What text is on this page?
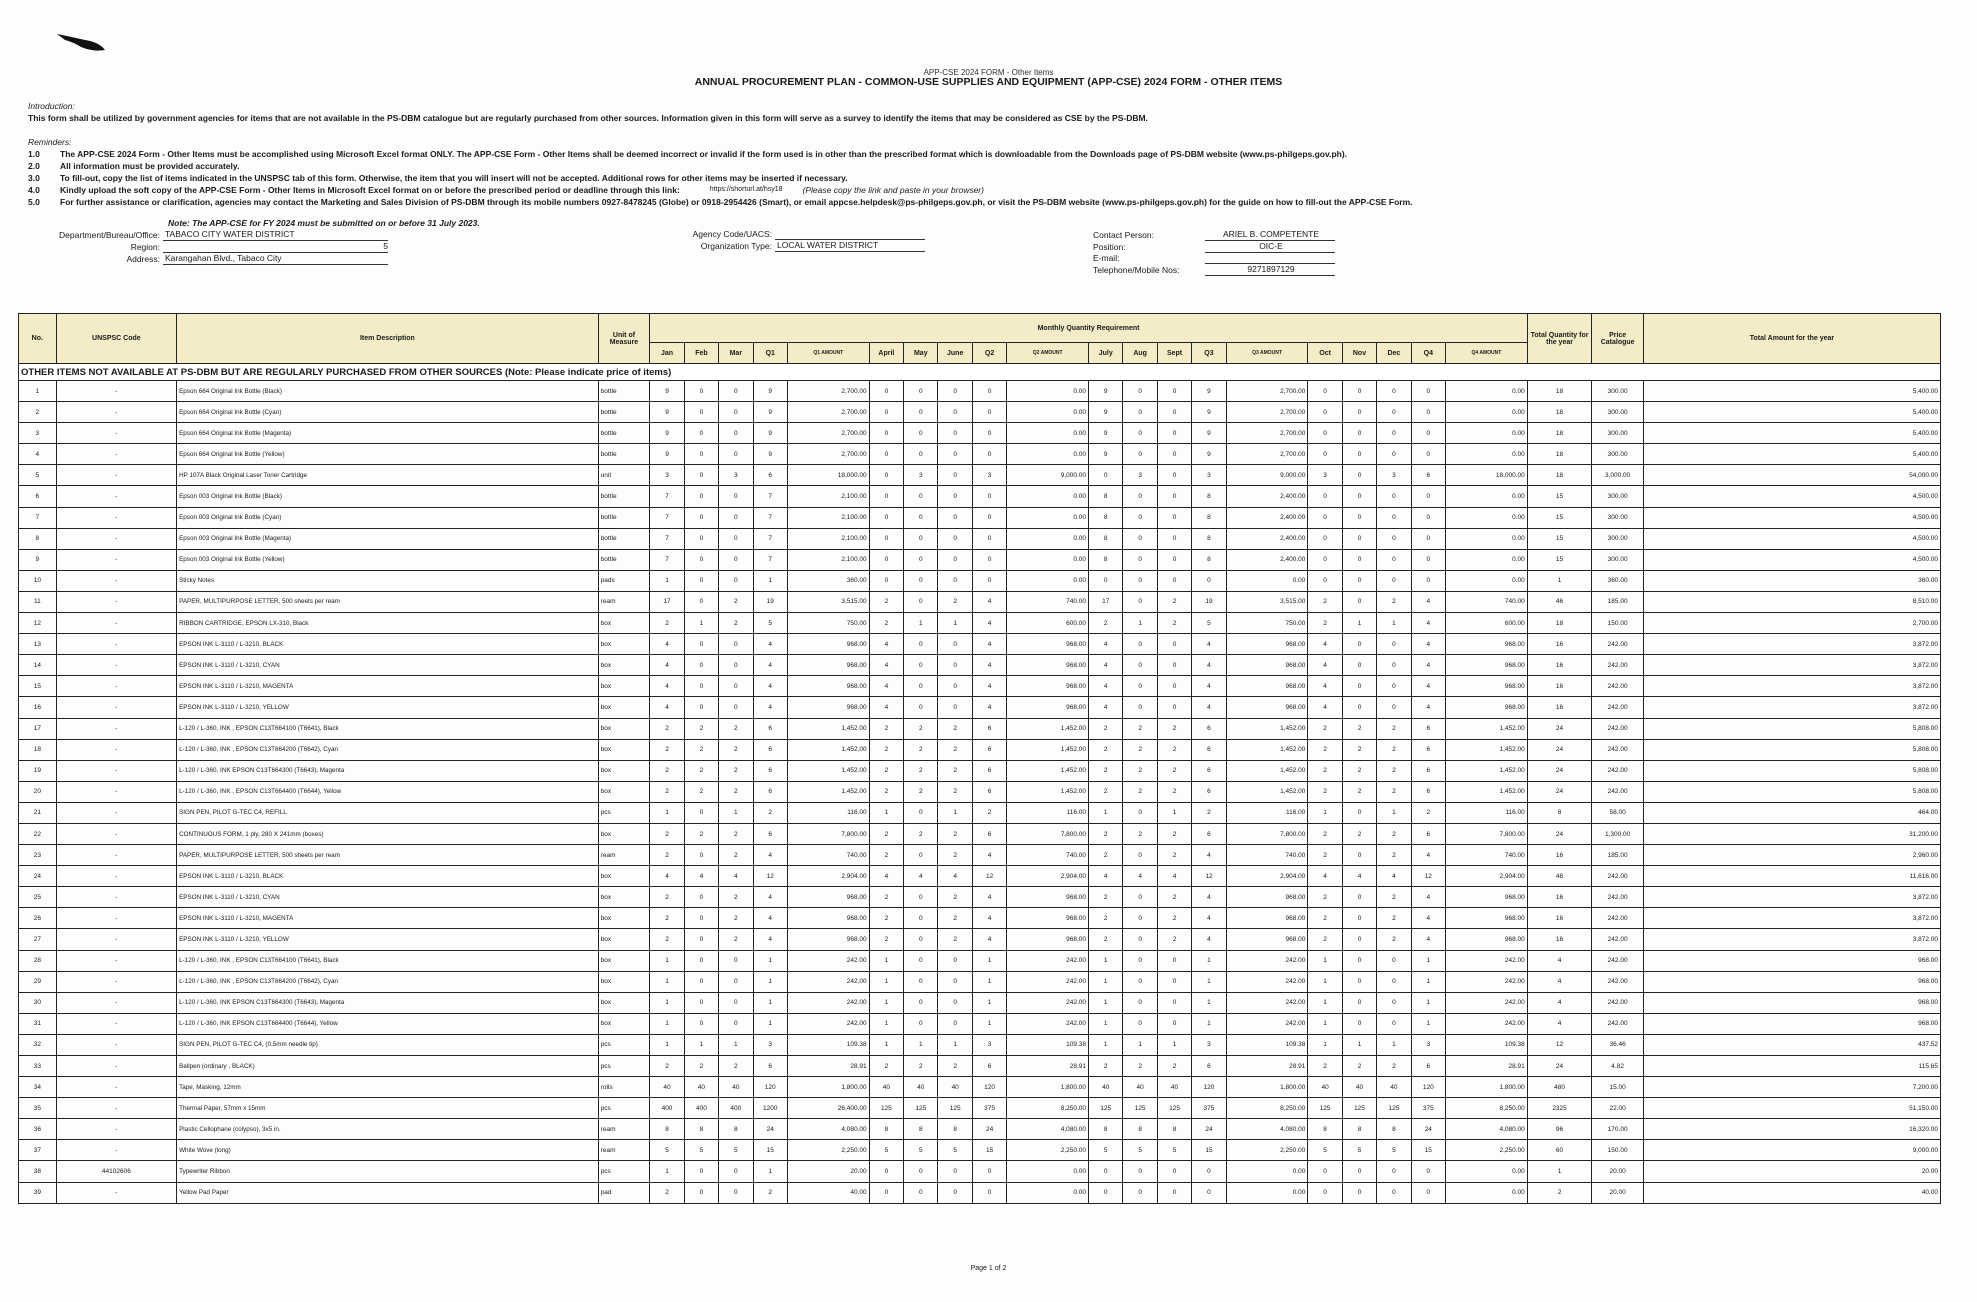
APP-CSE 2024 FORM - Other Items
ANNUAL PROCUREMENT PLAN - COMMON-USE SUPPLIES AND EQUIPMENT (APP-CSE) 2024 FORM - OTHER ITEMS
Introduction:
This form shall be utilized by government agencies for items that are not available in the PS-DBM catalogue but are regularly purchased from other sources. Information given in this form will serve as a survey to identify the items that may be considered as CSE by the PS-DBM.
Reminders:
1.0	The APP-CSE 2024 Form - Other Items must be accomplished using Microsoft Excel format ONLY. The APP-CSE Form - Other Items shall be deemed incorrect or invalid if the form used is in other than the prescribed format which is downloadable from the Downloads page of PS-DBM website (www.ps-philgeps.gov.ph).
2.0	All information must be provided accurately.
3.0	To fill-out, copy the list of items indicated in the UNSPSC tab of this form. Otherwise, the item that you will insert will not be accepted. Additional rows for other items may be inserted if necessary.
4.0	Kindly upload the soft copy of the APP-CSE Form - Other Items in Microsoft Excel format on or before the prescribed period or deadline through this link:	https://shorturl.at/hsy18 (Please copy the link and paste in your browser)
5.0	For further assistance or clarification, agencies may contact the Marketing and Sales Division of PS-DBM through its mobile numbers 0927-8478245 (Globe) or 0918-2954426 (Smart), or email appcse.helpdesk@ps-philgeps.gov.ph, or visit the PS-DBM website (www.ps-philgeps.gov.ph) for the guide on how to fill-out the APP-CSE Form.
Note: The APP-CSE for FY 2024 must be submitted on or before 31 July 2023.
Department/Bureau/Office: TABACO CITY WATER DISTRICT
Region:	5
Address: Karangahan Blvd., Tabaco City
Agency Code/UACS:
Organization Type: LOCAL WATER DISTRICT
Contact Person:	ARIEL B. COMPETENTE
Position:	OIC-E
E-mail:
Telephone/Mobile Nos:	9271897129
No.	UNSPSC Code	Item Description	Unit of Measure	Monthly Quantity Requirement																				Total Quantity for the year	Price Catalogue	Total Amount for the year
				Jan	Feb	Mar	Q1	Q1 AMOUNT	April	May	June	Q2	Q2 AMOUNT	July	Aug	Sept	Q3	Q3 AMOUNT	Oct	Nov	Dec	Q4	Q4 AMOUNT			
OTHER ITEMS NOT AVAILABLE AT PS-DBM BUT ARE REGULARLY PURCHASED FROM OTHER SOURCES (Note: Please indicate price of items)																										
1	-	Epson 664 Original Ink Bottle (Black)	bottle	9	0	0	9	2,700.00	0	0	0	0	0.00	9	0	0	9	2,700.00	0	0	0	0	0.00	18	300.00	5,400.00
2	-	Epson 664 Original Ink Bottle (Cyan)	bottle	9	0	0	9	2,700.00	0	0	0	0	0.00	9	0	0	9	2,700.00	0	0	0	0	0.00	18	300.00	5,400.00
3	-	Epson 664 Original Ink Bottle (Magenta)	bottle	9	0	0	9	2,700.00	0	0	0	0	0.00	9	0	0	9	2,700.00	0	0	0	0	0.00	18	300.00	5,400.00
4	-	Epson 664 Original Ink Bottle (Yellow)	bottle	9	0	0	9	2,700.00	0	0	0	0	0.00	9	0	0	9	2,700.00	0	0	0	0	0.00	18	300.00	5,400.00
5	-	HP 107A Black Original Laser Toner Cartridge	unit	3	0	3	6	18,000.00	0	3	0	3	9,000.00	0	3	0	3	9,000.00	3	0	3	6	18,000.00	18	3,000.00	54,000.00
6	-	Epson 003 Original Ink Bottle (Black)	bottle	7	0	0	7	2,100.00	0	0	0	0	0.00	8	0	0	8	2,400.00	0	0	0	0	0.00	15	300.00	4,500.00
7	-	Epson 003 Original Ink Bottle (Cyan)	bottle	7	0	0	7	2,100.00	0	0	0	0	0.00	8	0	0	8	2,400.00	0	0	0	0	0.00	15	300.00	4,500.00
8	-	Epson 003 Original Ink Bottle (Magenta)	bottle	7	0	0	7	2,100.00	0	0	0	0	0.00	8	0	0	8	2,400.00	0	0	0	0	0.00	15	300.00	4,500.00
9	-	Epson 003 Original Ink Bottle (Yellow)	bottle	7	0	0	7	2,100.00	0	0	0	0	0.00	8	0	0	8	2,400.00	0	0	0	0	0.00	15	300.00	4,500.00
10	-	Sticky Notes	pads	1	0	0	1	360.00	0	0	0	0	0.00	0	0	0	0	0.00	0	0	0	0	0.00	1	360.00	360.00
11	-	PAPER, MULTIPURPOSE LETTER, 500 sheets per ream	ream	17	0	2	19	3,515.00	2	0	2	4	740.00	17	0	2	19	3,515.00	2	0	2	4	740.00	46	185.00	8,510.00
12	-	RIBBON CARTRIDGE, EPSON LX-310, Black	box	2	1	2	5	750.00	2	1	1	4	600.00	2	1	2	5	750.00	2	1	1	4	600.00	18	150.00	2,700.00
13	-	EPSON INK L-3110 / L-3210, BLACK	box	4	0	0	4	968.00	4	0	0	4	968.00	4	0	0	4	968.00	4	0	0	4	968.00	16	242.00	3,872.00
14	-	EPSON INK L-3110 / L-3210, CYAN	box	4	0	0	4	968.00	4	0	0	4	968.00	4	0	0	4	968.00	4	0	0	4	968.00	16	242.00	3,872.00
15	-	EPSON INK L-3110 / L-3210, MAGENTA	box	4	0	0	4	968.00	4	0	0	4	968.00	4	0	0	4	968.00	4	0	0	4	968.00	16	242.00	3,872.00
16	-	EPSON INK L-3110 / L-3210, YELLOW	box	4	0	0	4	968.00	4	0	0	4	968.00	4	0	0	4	968.00	4	0	0	4	968.00	16	242.00	3,872.00
17	-	L-120 / L-360, INK , EPSON C13T664100 (T6641), Black	box	2	2	2	6	1,452.00	2	2	2	6	1,452.00	2	2	2	6	1,452.00	2	2	2	6	1,452.00	24	242.00	5,808.00
18	-	L-120 / L-360, INK , EPSON C13T664200 (T6642), Cyan	box	2	2	2	6	1,452.00	2	2	2	6	1,452.00	2	2	2	6	1,452.00	2	2	2	6	1,452.00	24	242.00	5,808.00
19	-	L-120 / L-360, INK EPSON C13T664300 (T6643), Magenta	box	2	2	2	6	1,452.00	2	2	2	6	1,452.00	2	2	2	6	1,452.00	2	2	2	6	1,452.00	24	242.00	5,808.00
20	-	L-120 / L-360, INK , EPSON C13T664400 (T6644), Yellow	box	2	2	2	6	1,452.00	2	2	2	6	1,452.00	2	2	2	6	1,452.00	2	2	2	6	1,452.00	24	242.00	5,808.00
21	-	SIGN PEN, PILOT G-TEC C4, REFILL	pcs	1	0	1	2	116.00	1	0	1	2	116.00	1	0	1	2	116.00	1	0	1	2	116.00	8	58.00	464.00
22	-	CONTINUOUS FORM, 1 ply, 280 X 241mm (boxes)	box	2	2	2	6	7,800.00	2	2	2	6	7,800.00	2	2	2	6	7,800.00	2	2	2	6	7,800.00	24	1,300.00	31,200.00
23	-	PAPER, MULTIPURPOSE LETTER, 500 sheets per ream	ream	2	0	2	4	740.00	2	0	2	4	740.00	2	0	2	4	740.00	2	0	2	4	740.00	16	185.00	2,960.00
24	-	EPSON INK L-3110 / L-3210, BLACK	box	4	4	4	12	2,904.00	4	4	4	12	2,904.00	4	4	4	12	2,904.00	4	4	4	12	2,904.00	48	242.00	11,616.00
25	-	EPSON INK L-3110 / L-3210, CYAN	box	2	0	2	4	968.00	2	0	2	4	968.00	2	0	2	4	968.00	2	0	2	4	968.00	16	242.00	3,872.00
26	-	EPSON INK L-3110 / L-3210, MAGENTA	box	2	0	2	4	968.00	2	0	2	4	968.00	2	0	2	4	968.00	2	0	2	4	968.00	16	242.00	3,872.00
27	-	EPSON INK L-3110 / L-3210, YELLOW	box	2	0	2	4	968.00	2	0	2	4	968.00	2	0	2	4	968.00	2	0	2	4	968.00	16	242.00	3,872.00
28	-	L-120 / L-360, INK , EPSON C13T664100 (T6641), Black	box	1	0	0	1	242.00	1	0	0	1	242.00	1	0	0	1	242.00	1	0	0	1	242.00	4	242.00	968.00
29	-	L-120 / L-360, INK , EPSON C13T664200 (T6642), Cyan	box	1	0	0	1	242.00	1	0	0	1	242.00	1	0	0	1	242.00	1	0	0	1	242.00	4	242.00	968.00
30	-	L-120 / L-360, INK EPSON C13T664300 (T6643), Magenta	box	1	0	0	1	242.00	1	0	0	1	242.00	1	0	0	1	242.00	1	0	0	1	242.00	4	242.00	968.00
31	-	L-120 / L-360, INK EPSON C13T664400 (T6644), Yellow	box	1	0	0	1	242.00	1	0	0	1	242.00	1	0	0	1	242.00	1	0	0	1	242.00	4	242.00	968.00
32	-	SIGN PEN, PILOT G-TEC C4, (0.5mm needle tip)	pcs	1	1	1	3	109.38	1	1	1	3	109.38	1	1	1	3	109.38	1	1	1	3	109.38	12	36.46	437.52
33	-	Ballpen (ordinary , BLACK)	pcs	2	2	2	6	28.91	2	2	2	6	28.91	2	2	2	6	28.91	2	2	2	6	28.91	24	4.82	115.65
34	-	Tape, Masking, 12mm	rolls	40	40	40	120	1,800.00	40	40	40	120	1,800.00	40	40	40	120	1,800.00	40	40	40	120	1,800.00	480	15.00	7,200.00
35	-	Thermal Paper, 57mm x 15mm	pcs	400	400	400	1200	26,400.00	125	125	125	375	8,250.00	125	125	125	375	8,250.00	125	125	125	375	8,250.00	2325	22.00	51,150.00
36	-	Plastic Cellophane (colypso), 3x5 in.	ream	8	8	8	24	4,080.00	8	8	8	24	4,080.00	8	8	8	24	4,080.00	8	8	8	24	4,080.00	96	170.00	16,320.00
37	-	White Wove (long)	ream	5	5	5	15	2,250.00	5	5	5	15	2,250.00	5	5	5	15	2,250.00	5	5	5	15	2,250.00	60	150.00	9,000.00
38	44102606	Typewriter Ribbon	pcs	1	0	0	1	20.00	0	0	0	0	0.00	0	0	0	0	0.00	0	0	0	0	0.00	1	20.00	20.00
39	-	Yellow Pad Paper	pad	2	0	0	2	40.00	0	0	0	0	0.00	0	0	0	0	0.00	0	0	0	0	0.00	2	20.00	40.00
Page 1 of 2
